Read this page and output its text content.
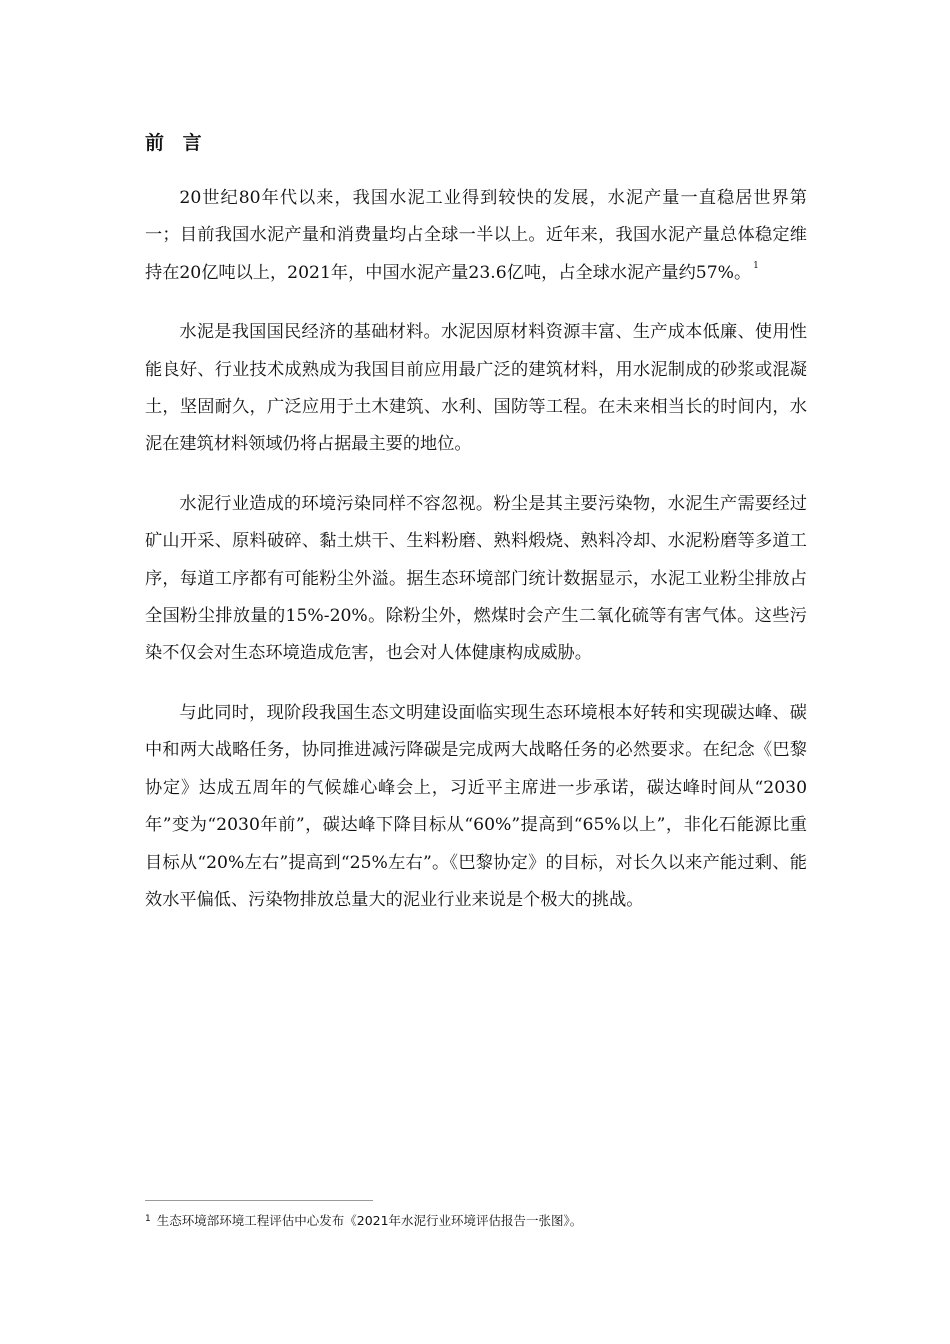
前 言

20世纪80年代以来，我国水泥工业得到较快的发展，水泥产量一直稳居世界第一；目前我国水泥产量和消费量均占全球一半以上。近年来，我国水泥产量总体稳定维持在20亿吨以上，2021年，中国水泥产量23.6亿吨，占全球水泥产量约57%。 $^1$

水泥是我国国民经济的基础材料。水泥因原材料资源丰富、生产成本低廉、使用性能良好、行业技术成熟成为我国目前应用最广泛的建筑材料，用水泥制成的砂浆或混凝土，坚固耐久，广泛应用于土木建筑、水利、国防等工程。在未来相当长的时间内，水泥在建筑材料领域仍将占据最主要的地位。

水泥行业造成的环境污染同样不容忽视。粉尘是其主要污染物，水泥生产需要经过矿山开采、原料破碎、黏土烘干、生料粉磨、熟料煅烧、熟料冷却、水泥粉磨等多道工序，每道工序都有可能粉尘外溢。据生态环境部门统计数据显示，水泥工业粉尘排放占全国粉尘排放量的15%-20%。除粉尘外，燃煤时会产生二氧化硫等有害气体。这些污染不仅会对生态环境造成危害，也会对人体健康构成威胁。

与此同时，现阶段我国生态文明建设面临实现生态环境根本好转和实现碳达峰、碳中和两大战略任务，协同推进减污降碳是完成两大战略任务的必然要求。在纪念《巴黎协定》达成五周年的气候雄心峰会上，习近平主席进一步承诺，碳达峰时间从“2030年”变为“2030年前”，碳达峰下降目标从“60%”提高到“65%以上”，非化石能源比重目标从“20%左右”提高到“25%左右”。《巴黎协定》的目标，对长久以来产能过剩、能效水平偏低、污染物排放总量大的泥业行业来说是个极大的挑战。

$^1$ 生态环境部环境工程评估中心发布《2021年水泥行业环境评估报告一张图》。
